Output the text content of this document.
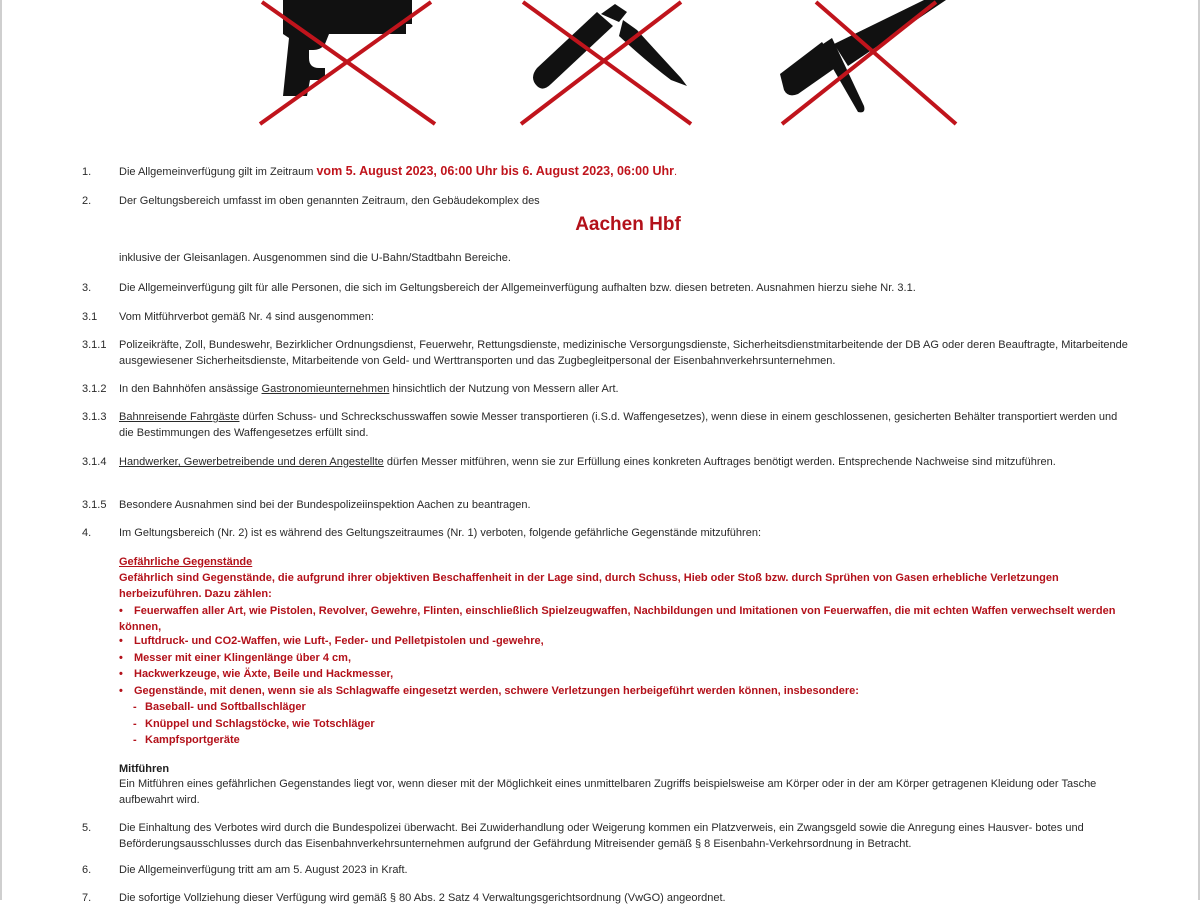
1.	Die Allgemeinverfügung gilt im Zeitraum vom 5. August 2023, 06:00 Uhr bis 6. August 2023, 06:00 Uhr.
2.	Der Geltungsbereich umfasst im oben genannten Zeitraum, den Gebäudekomplex des
Aachen Hbf
inklusive der Gleisanlagen. Ausgenommen sind die U-Bahn/Stadtbahn Bereiche.
3.	Die Allgemeinverfügung gilt für alle Personen, die sich im Geltungsbereich der Allgemeinverfügung aufhalten bzw. diesen betreten. Ausnahmen hierzu siehe Nr. 3.1.
3.1 Vom Mitführverbot gemäß Nr. 4 sind ausgenommen:
3.1.1 Polizeikräfte, Zoll, Bundeswehr, Bezirklicher Ordnungsdienst, Feuerwehr, Rettungsdienste, medizinische Versorgungsdienste, Sicherheitsdienstmitarbeitende der DB AG oder deren Beauftragte, Mitarbeitende ausgewiesener Sicherheitsdienste, Mitarbeitende von Geld- und Werttransporten und das Zugbegleitpersonal der Eisenbahnverkehrsunternehmen.
3.1.2 In den Bahnhöfen ansässige Gastronomieunternehmen hinsichtlich der Nutzung von Messern aller Art.
3.1.3 Bahnreisende Fahrgäste dürfen Schuss- und Schreckschusswaffen sowie Messer transportieren (i.S.d. Waffengesetzes), wenn diese in einem geschlossenen, gesicherten Behälter transportiert werden und die Bestimmungen des Waffengesetzes erfüllt sind.
3.1.4 Handwerker, Gewerbetreibende und deren Angestellte dürfen Messer mitführen, wenn sie zur Erfüllung eines konkreten Auftrages benötigt werden. Entsprechende Nachweise sind mitzuführen.
3.1.5 Besondere Ausnahmen sind bei der Bundespolizeiinspektion Aachen zu beantragen.
4.	Im Geltungsbereich (Nr. 2) ist es während des Geltungszeitraumes (Nr. 1) verboten, folgende gefährliche Gegenstände mitzuführen:
Gefährliche Gegenstände
Gefährlich sind Gegenstände, die aufgrund ihrer objektiven Beschaffenheit in der Lage sind, durch Schuss, Hieb oder Stoß bzw. durch Sprühen von Gasen erhebliche Verletzungen herbeizuführen. Dazu zählen:
• Feuerwaffen aller Art, wie Pistolen, Revolver, Gewehre, Flinten, einschließlich Spielzeugwaffen, Nachbildungen und Imitationen von Feuerwaffen, die mit echten Waffen verwechselt werden können,
• Luftdruck- und CO2-Waffen, wie Luft-, Feder- und Pelletpistolen und -gewehre,
• Messer mit einer Klingenlänge über 4 cm,
• Hackwerkzeuge, wie Äxte, Beile und Hackmesser,
• Gegenstände, mit denen, wenn sie als Schlagwaffe eingesetzt werden, schwere Verletzungen herbeigeführt werden können, insbesondere:
- Baseball- und Softballschläger
- Knüppel und Schlagstöcke, wie Totschläger
- Kampfsportgeräte
Mitführen
Ein Mitführen eines gefährlichen Gegenstandes liegt vor, wenn dieser mit der Möglichkeit eines unmittelbaren Zugriffs beispielsweise am Körper oder in der am Körper getragenen Kleidung oder Tasche aufbewahrt wird.
5.	Die Einhaltung des Verbotes wird durch die Bundespolizei überwacht. Bei Zuwiderhandlung oder Weigerung kommen ein Platzverweis, ein Zwangsgeld sowie die Anregung eines Hausver- botes und Beförderungsausschlusses durch das Eisenbahnverkehrsunternehmen aufgrund der Gefährdung Mitreisender gemäß § 8 Eisenbahn-Verkehrsordnung in Betracht.
6.	Die Allgemeinverfügung tritt am am 5. August 2023 in Kraft.
7.	Die sofortige Vollziehung dieser Verfügung wird gemäß § 80 Abs. 2 Satz 4 Verwaltungsgerichtsordnung (VwGO) angeordnet.
